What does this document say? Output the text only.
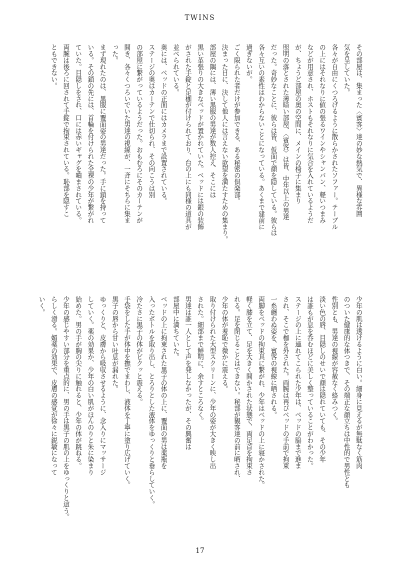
TWINS
その部屋は、集まった〈賓客〉達の妙な熱気で、異様な雰囲
気を呈していた。
各々が自由にくつろげるように散らかされたソファー。テーブル
の上にはそれなりに値の張るワインやシャンパン、軽いつまみ
などが用意され、ホストもそれなりに気合を入れているようだ
が、ちょうど部屋の奥の空間に、メインの椅子に集まり
照明の落とされた薄暗い部屋、〈賓客〉は皆、中年以上の男達
だった。奇妙なことに、彼らは皆、仮面で顔を隠している。彼らは
各々互いの素性はわからないことになっている。あくまで建前に
過ぎないが。
ごく限られた者だけが参加できる、ある秘密の倶楽部。
決まった日に、決して他人には言えない欲望を満たすための集まり。
部屋の隅には、薄い黒服の男達が数人控え、そこには
黒い革張りの大きなベッドが置かれていた。ベッドには銀の装飾
がされた手錠と足枷が付けられており、台の上にも同様の道具が
並べられている。
奥には、ベッドの正面にはカメラまで設置されている。
ステージの奥はカーテンで仕切られ、その向こうは別
の部屋に繋がっているようだった。おもむろにそのカーテンが
開き、各々くつろいでいた男達の視線が、一斉にそちらに集ま
った。
まず現れたのは、黒服に覆面姿の男達だった。手に鎖を持って
いる。その鎖の先には、首輪を付けられた全裸の少年が繋がれ
ていた。目隠しをされ、口には赤いギャグを嚙まされている。
両腕は後ろに回されて手錠で拘束されている。恥部を隠すこ
ともできない。
少年の肌は透けるように白い。細身に見えるが無駄なく筋肉
のついた健康的な体つきで、その端正な顔立ちは中性的で男性とも
性別とも、男達の視線が容赦なく絡みつく。
淡い色の唇、目隠しのせいで顔は隠れていても、その少年
は誰もが息を呑むほどに美しく整っていることがわかった。
ステージの上に連れてこられた少年は、ベッドの脇まで進ま
され、そこで枷を外された。両腕は再びベッドの手前で拘束
一糸纏わぬ姿を、賓客の視線に晒される。
両脚をベッドの拘束具に繋がれ、少年はベッドの上に寝かされた。
軽く膝を立て、足を大きく開かされた状態で、両足首を拘束さ
れる。足を閉じることはできない。秘部が観客達の前に晒され、
少年の体が羞恥で微かに震える。
取り付けられた大型スクリーンに、少年の姿が大きく映し出
された。細部まで鮮明に、余すところなく。
男達は誰一人として声を発しなかったが、その興奮は
部屋中に満ちていた。
ベッドの上に拘束された黒子の体の上に、覆面の男は薬瓶を
入ったボトルを取り出し、とろりとした液体をゆっくりと垂らしていく。
冷たさに黒子の体がビクッと震える。
手袋をした手が体中を撫でまわし、液体を丁寧に塗り広げていく。
黒子の唇から甘い吐息が漏れた。
ゆっくりと、皮膚から吸収させるように、念入りにマッサージ
していく。薬の効果か、少年の白い肌がほんのりと朱に染まり
始めた。男の手が胸の尖りに触れると、少年の体が跳ねる。
少年の感じやすい部分を重点的に、男の手は黒子の肌の上をゆっくりと這う。
らしく滑る。媚薬の効果で、皮膚の感覚が徐々に鋭敏になって
いく。
17
